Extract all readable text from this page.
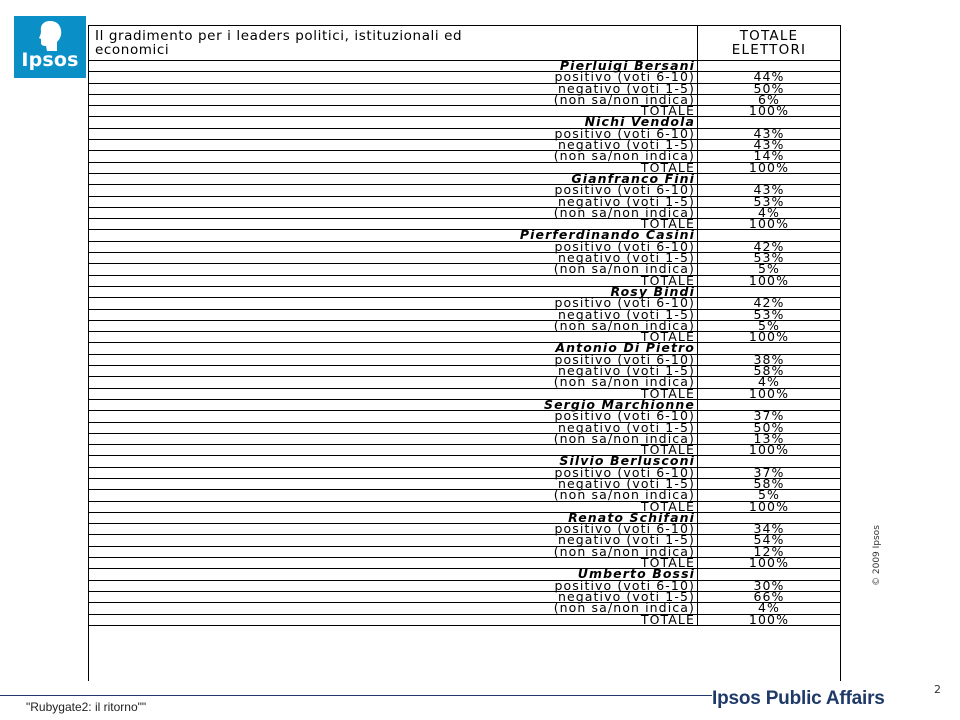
Ipsos
Il gradimento per i leaders politici, istituzionali ed
economici
TOTALE
ELETTORI
Pierluigi Bersani
positivo (voti 6-10)	44%
negativo (voti 1-5)	50%
(non sa/non indica)	6%
TOTALE	100%
Nichi Vendola
positivo (voti 6-10)	43%
negativo (voti 1-5)	43%
(non sa/non indica)	14%
TOTALE	100%
Gianfranco Fini
positivo (voti 6-10)	43%
negativo (voti 1-5)	53%
(non sa/non indica)	4%
TOTALE	100%
Pierferdinando Casini
positivo (voti 6-10)	42%
negativo (voti 1-5)	53%
(non sa/non indica)	5%
TOTALE	100%
Rosy Bindi
positivo (voti 6-10)	42%
negativo (voti 1-5)	53%
(non sa/non indica)	5%
TOTALE	100%
Antonio Di Pietro
positivo (voti 6-10)	38%
negativo (voti 1-5)	58%
(non sa/non indica)	4%
TOTALE	100%
Sergio Marchionne
positivo (voti 6-10)	37%
negativo (voti 1-5)	50%
(non sa/non indica)	13%
TOTALE	100%
Silvio Berlusconi
positivo (voti 6-10)	37%
negativo (voti 1-5)	58%
(non sa/non indica)	5%
TOTALE	100%
Renato Schifani
positivo (voti 6-10)	34%
negativo (voti 1-5)	54%
(non sa/non indica)	12%
TOTALE	100%
Umberto Bossi
positivo (voti 6-10)	30%
negativo (voti 1-5)	66%
(non sa/non indica)	4%
TOTALE	100%
© 2009 Ipsos
2
"Rubygate2: il ritorno""	Ipsos Public Affairs
